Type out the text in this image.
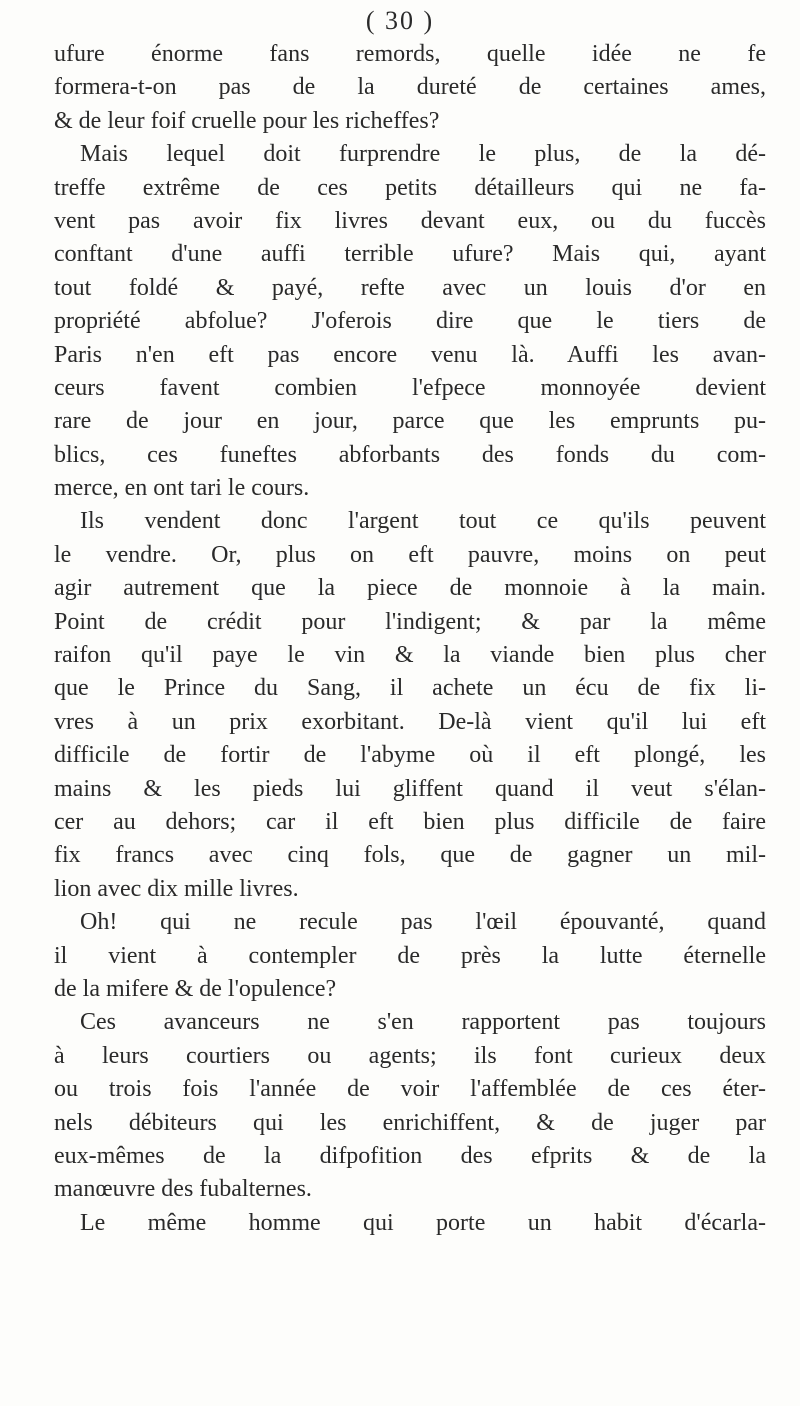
( 30 )
ufure énorme fans remords, quelle idée ne fe
formera-t-on pas de la dureté de certaines ames,
& de leur foif cruelle pour les richeffes?
Mais lequel doit furprendre le plus, de la dé-
treffe extrême de ces petits détailleurs qui ne fa-
vent pas avoir fix livres devant eux, ou du fuccès
conftant d'une auffi terrible ufure? Mais qui, ayant
tout foldé & payé, refte avec un louis d'or en
propriété abfolue? J'oferois dire que le tiers de
Paris n'en eft pas encore venu là. Auffi les avan-
ceurs favent combien l'efpece monnoyée devient
rare de jour en jour, parce que les emprunts pu-
blics, ces funeftes abforbants des fonds du com-
merce, en ont tari le cours.
Ils vendent donc l'argent tout ce qu'ils peuvent
le vendre. Or, plus on eft pauvre, moins on peut
agir autrement que la piece de monnoie à la main.
Point de crédit pour l'indigent; & par la même
raifon qu'il paye le vin & la viande bien plus cher
que le Prince du Sang, il achete un écu de fix li-
vres à un prix exorbitant. De-là vient qu'il lui eft
difficile de fortir de l'abyme où il eft plongé, les
mains & les pieds lui gliffent quand il veut s'élan-
cer au dehors; car il eft bien plus difficile de faire
fix francs avec cinq fols, que de gagner un mil-
lion avec dix mille livres.
Oh! qui ne recule pas l'œil épouvanté, quand
il vient à contempler de près la lutte éternelle
de la mifere & de l'opulence?
Ces avanceurs ne s'en rapportent pas toujours
à leurs courtiers ou agents; ils font curieux deux
ou trois fois l'année de voir l'affemblée de ces éter-
nels débiteurs qui les enrichiffent, & de juger par
eux-mêmes de la difpofition des efprits & de la
manœuvre des fubalternes.
Le même homme qui porte un habit d'écarla-
